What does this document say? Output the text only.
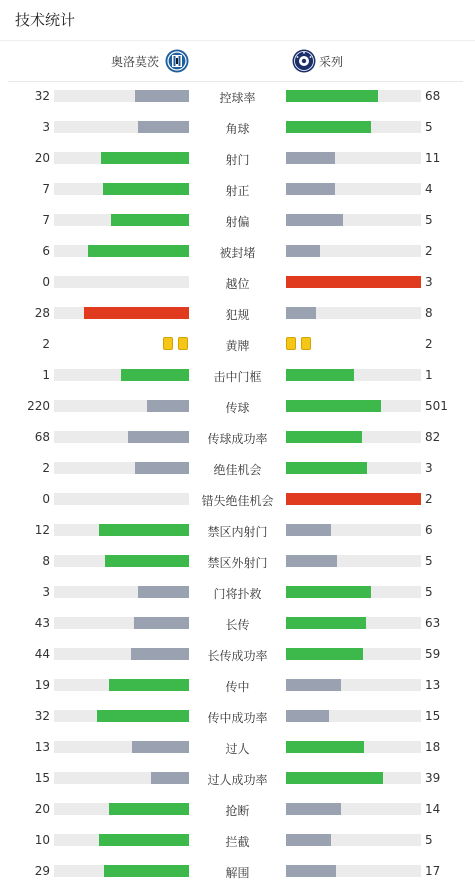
技术统计
奥洛莫茨	采列
32	控球率	68
3	角球	5
20	射门	11
7	射正	4
7	射偏	5
6	被封堵	2
0	越位	3
28	犯规	8
2	黄牌	2
1	击中门框	1
220	传球	501
68	传球成功率	82
2	绝佳机会	3
0	错失绝佳机会	2
12	禁区内射门	6
8	禁区外射门	5
3	门将扑救	5
43	长传	63
44	长传成功率	59
19	传中	13
32	传中成功率	15
13	过人	18
15	过人成功率	39
20	抢断	14
10	拦截	5
29	解围	17
